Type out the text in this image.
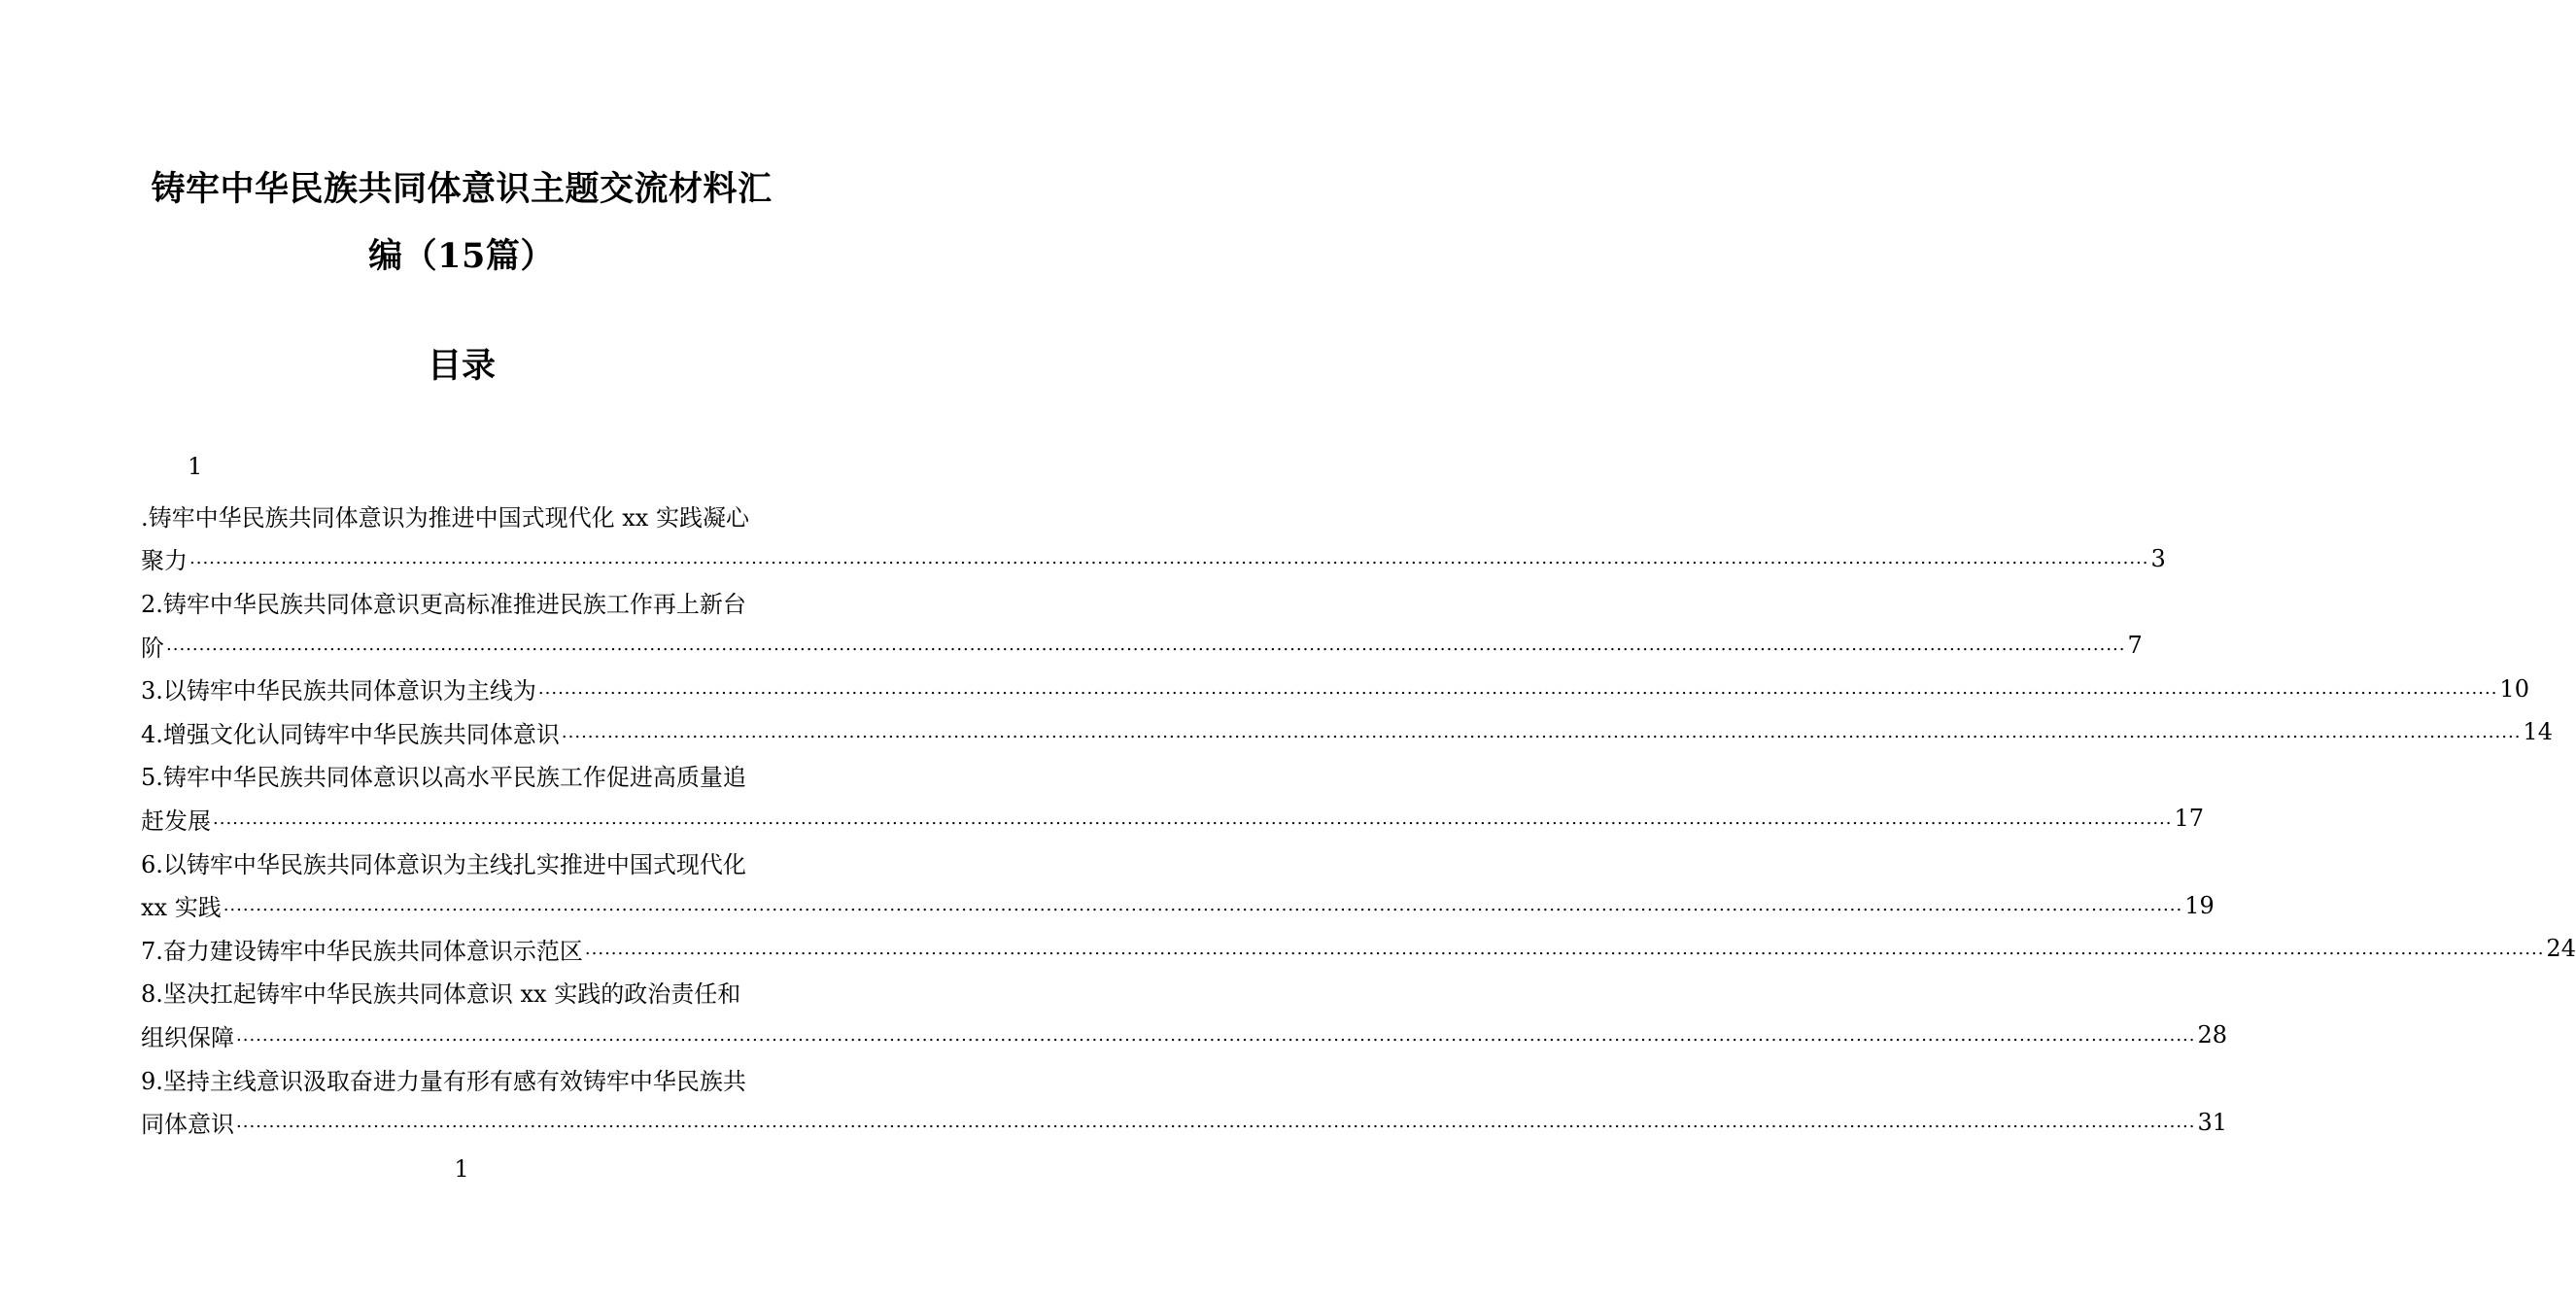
铸牢中华民族共同体意识主题交流材料汇
编（15篇）
目录
1
.铸牢中华民族共同体意识为推进中国式现代化 xx 实践凝心
聚力 ............................................................................................................................................................................................................................................................................................................ 3
2.铸牢中华民族共同体意识更高标准推进民族工作再上新台
阶 ............................................................................................................................................................................................................................................................................................................ 7
3.以铸牢中华民族共同体意识为主线为 ............................................................................................................................................................................................................................................................................................................ 10
4.增强文化认同铸牢中华民族共同体意识 ............................................................................................................................................................................................................................................................................................................ 14
5.铸牢中华民族共同体意识以高水平民族工作促进高质量追
赶发展 ............................................................................................................................................................................................................................................................................................................ 17
6.以铸牢中华民族共同体意识为主线扎实推进中国式现代化
xx 实践 ............................................................................................................................................................................................................................................................................................................ 19
7.奋力建设铸牢中华民族共同体意识示范区 ............................................................................................................................................................................................................................................................................................................ 24
8.坚决扛起铸牢中华民族共同体意识 xx 实践的政治责任和
组织保障 ............................................................................................................................................................................................................................................................................................................ 28
9.坚持主线意识汲取奋进力量有形有感有效铸牢中华民族共
同体意识 ............................................................................................................................................................................................................................................................................................................ 31
1
